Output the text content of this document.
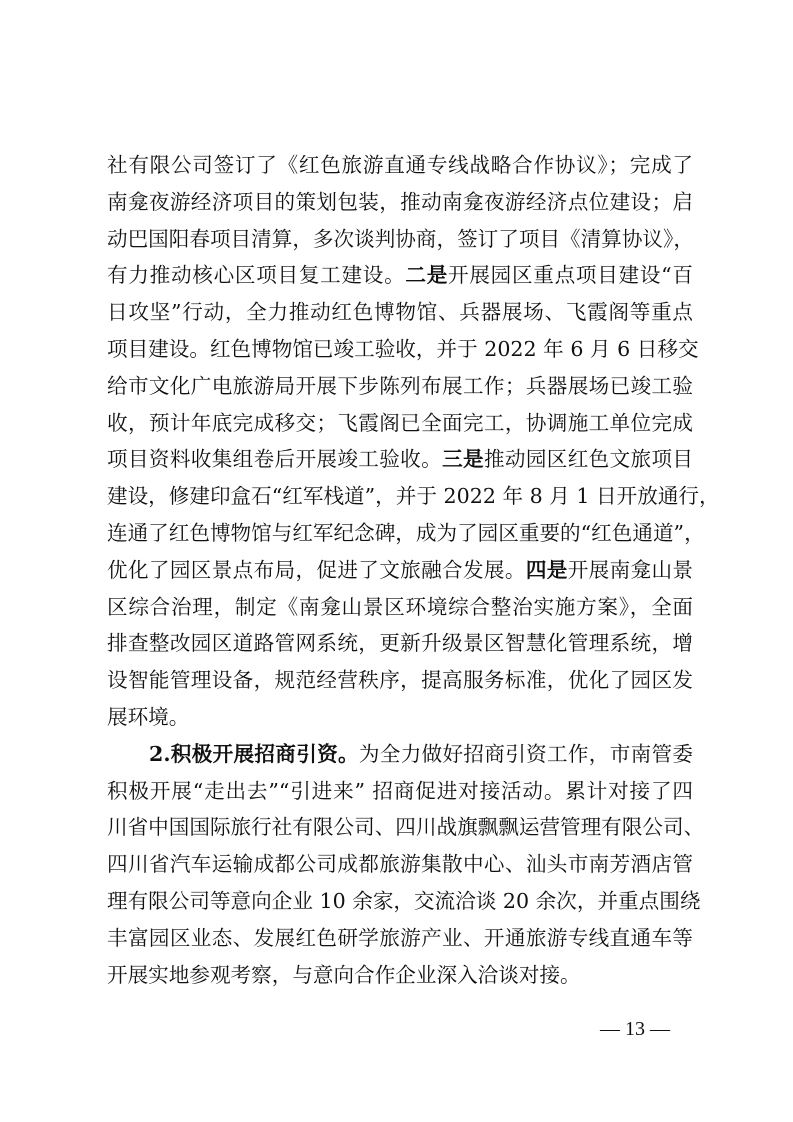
社有限公司签订了《红色旅游直通专线战略合作协议》；完成了
南龛夜游经济项目的策划包装，推动南龛夜游经济点位建设；启
动巴国阳春项目清算，多次谈判协商，签订了项目《清算协议》，
有力推动核心区项目复工建设。二是开展园区重点项目建设“百
日攻坚”行动，全力推动红色博物馆、兵器展场、飞霞阁等重点
项目建设。红色博物馆已竣工验收，并于 2022 年 6 月 6 日移交
给市文化广电旅游局开展下步陈列布展工作；兵器展场已竣工验
收，预计年底完成移交；飞霞阁已全面完工，协调施工单位完成
项目资料收集组卷后开展竣工验收。三是推动园区红色文旅项目
建设，修建印盒石“红军栈道”，并于 2022 年 8 月 1 日开放通行，
连通了红色博物馆与红军纪念碑，成为了园区重要的“红色通道”，
优化了园区景点布局，促进了文旅融合发展。四是开展南龛山景
区综合治理，制定《南龛山景区环境综合整治实施方案》，全面
排查整改园区道路管网系统，更新升级景区智慧化管理系统，增
设智能管理设备，规范经营秩序，提高服务标准，优化了园区发
展环境。
2.积极开展招商引资。为全力做好招商引资工作，市南管委
积极开展“走出去”“引进来” 招商促进对接活动。累计对接了四
川省中国国际旅行社有限公司、四川战旗飘飘运营管理有限公司、
四川省汽车运输成都公司成都旅游集散中心、汕头市南芳酒店管
理有限公司等意向企业 10 余家，交流洽谈 20 余次，并重点围绕
丰富园区业态、发展红色研学旅游产业、开通旅游专线直通车等
开展实地参观考察，与意向合作企业深入洽谈对接。
— 13 —
